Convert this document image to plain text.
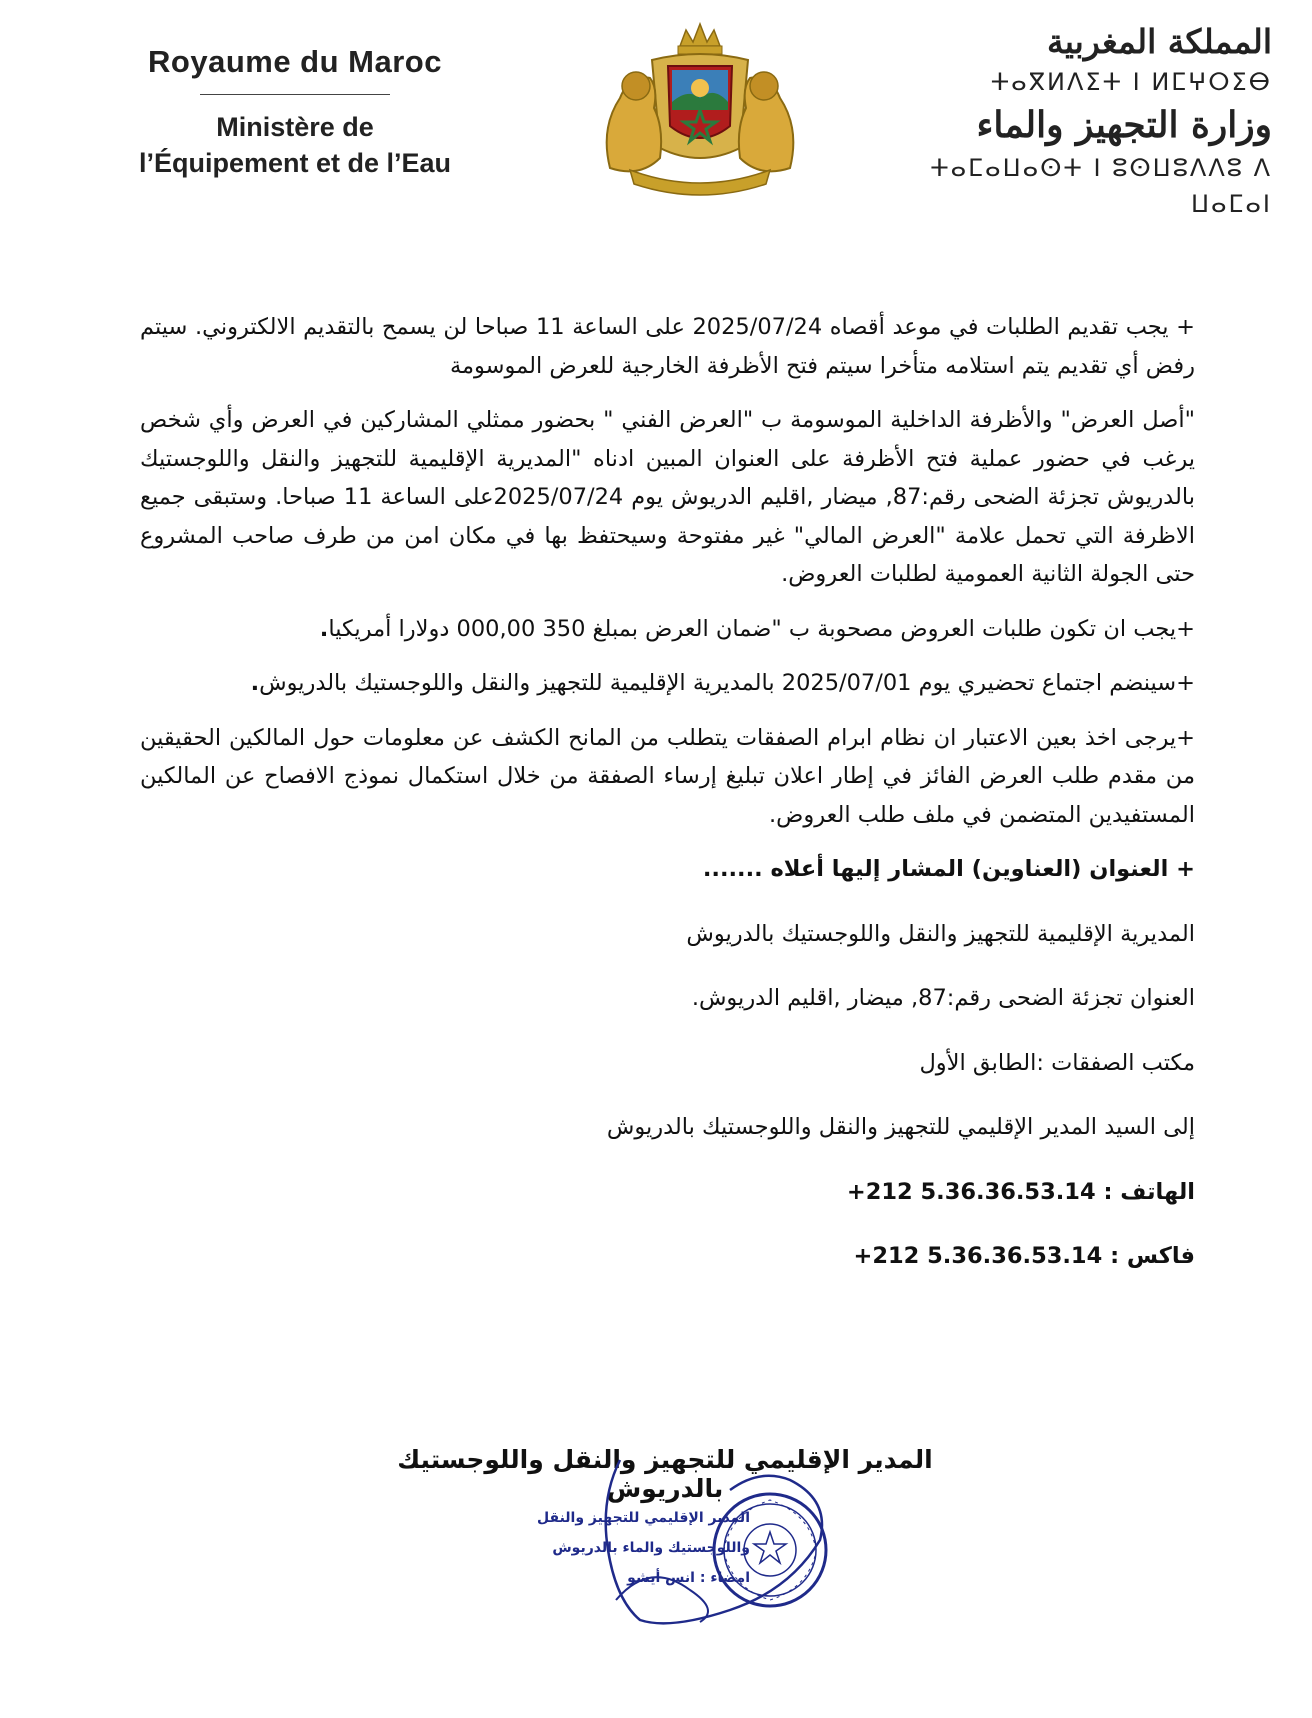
Royaume du Maroc
Ministère de
l’Équipement et de l’Eau
المملكة المغربية
ⵜⴰⴳⵍⴷⵉⵜ ⵏ ⵍⵎⵖⵔⵉⴱ
وزارة التجهيز والماء
ⵜⴰⵎⴰⵡⴰⵙⵜ ⵏ ⵓⵙⵡⵓⴷⴷⵓ ⴷ ⵡⴰⵎⴰⵏ

+ يجب تقديم الطلبات في موعد أقصاه 2025/07/24 على الساعة 11 صباحا لن يسمح بالتقديم الالكتروني. سيتم رفض أي تقديم يتم استلامه متأخرا سيتم فتح الأظرفة الخارجية للعرض الموسومة

"أصل العرض" والأظرفة الداخلية الموسومة ب "العرض الفني " بحضور ممثلي المشاركين في العرض وأي شخص يرغب في حضور عملية فتح الأظرفة على العنوان المبين ادناه "المديرية الإقليمية للتجهيز والنقل واللوجستيك بالدريوش تجزئة الضحى رقم:87, ميضار ,اقليم الدريوش يوم 2025/07/24على الساعة 11 صباحا. وستبقى جميع الاظرفة التي تحمل علامة "العرض المالي" غير مفتوحة وسيحتفظ بها في مكان امن من طرف صاحب المشروع حتى الجولة الثانية العمومية لطلبات العروض.

+يجب ان تكون طلبات العروض مصحوبة ب "ضمان العرض بمبلغ 350 000,00 دولارا أمريكيا.

+سينضم اجتماع تحضيري يوم 2025/07/01 بالمديرية الإقليمية للتجهيز والنقل واللوجستيك بالدريوش.

+يرجى اخذ بعين الاعتبار ان نظام ابرام الصفقات يتطلب من المانح الكشف عن معلومات حول المالكين الحقيقين من مقدم طلب العرض الفائز في إطار اعلان تبليغ إرساء الصفقة من خلال استكمال نموذج الافصاح عن المالكين المستفيدين المتضمن في ملف طلب العروض.

+ العنوان (العناوين) المشار إليها أعلاه .......

المديرية الإقليمية للتجهيز والنقل واللوجستيك بالدريوش

العنوان تجزئة الضحى رقم:87, ميضار ,اقليم الدريوش.

مكتب الصفقات :الطابق الأول

إلى السيد المدير الإقليمي للتجهيز والنقل واللوجستيك بالدريوش

الهاتف : +212 5.36.36.53.14

فاكس : +212 5.36.36.53.14

المدير الإقليمي للتجهيز والنقل واللوجستيك بالدريوش
المدير الإقليمي للتجهيز والنقل
واللوجستيك والماء بالدريوش
امضاء : انس أيشو
